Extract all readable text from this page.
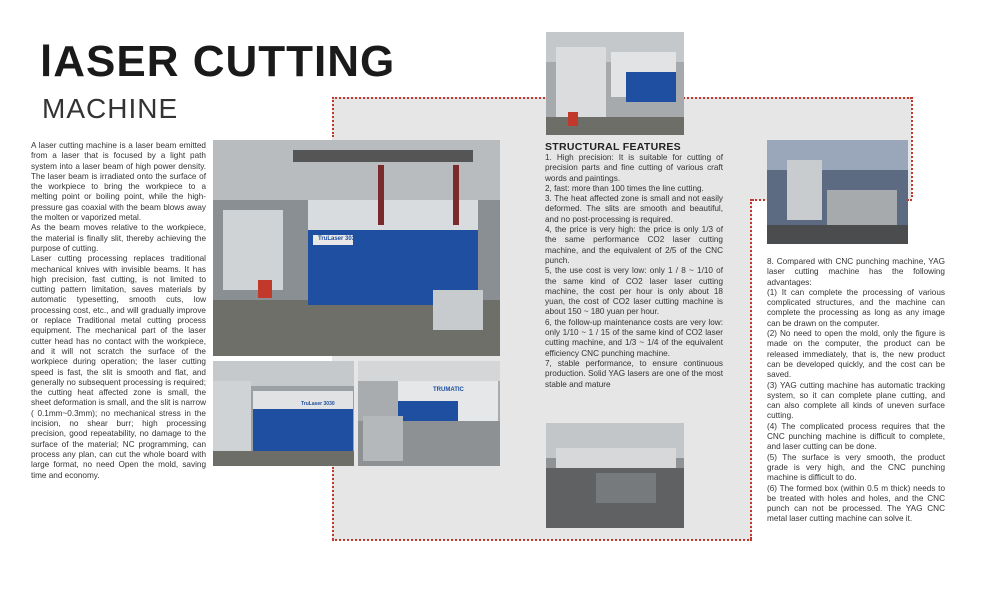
lASER CUTTING
MACHINE

A laser cutting machine is a laser beam emitted from a laser that is focused by a light path system into a laser beam of high power density. The laser beam is irradiated onto the surface of the workpiece to bring the workpiece to a melting point or boiling point, while the high-pressure gas coaxial with the beam blows away the molten or vaporized metal.

As the beam moves relative to the workpiece, the material is finally slit, thereby achieving the purpose of cutting.

Laser cutting processing replaces traditional mechanical knives with invisible beams. It has high precision, fast cutting, is not limited to cutting pattern limitation, saves materials by automatic typesetting, smooth cuts, low processing cost, etc., and will gradually improve or replace Traditional metal cutting process equipment. The mechanical part of the laser cutter head has no contact with the workpiece, and it will not scratch the surface of the workpiece during operation; the laser cutting speed is fast, the slit is smooth and flat, and generally no subsequent processing is required; the cutting heat affected zone is small, the sheet deformation is small, and the slit is narrow ( 0.1mm~0.3mm); no mechanical stress in the incision, no shear burr; high processing precision, good repeatability, no damage to the surface of the material; NC programming, can process any plan, can cut the whole board with large format, no need Open the mold, saving time and economy.

TruLaser 3030
TruLaser 3030
TRUMATIC

STRUCTURAL FEATURES

1. High precision: It is suitable for cutting of precision parts and fine cutting of various craft words and paintings.

2, fast: more than 100 times the line cutting.

3. The heat affected zone is small and not easily deformed. The slits are smooth and beautiful, and no post-processing is required.

4, the price is very high: the price is only 1/3 of the same performance CO2 laser cutting machine, and the equivalent of 2/5 of the CNC punch.

5, the use cost is very low: only 1 / 8 ~ 1/10 of the same kind of CO2 laser laser cutting machine, the cost per hour is only about 18 yuan, the cost of CO2 laser cutting machine is about 150 ~ 180 yuan per hour.

6, the follow-up maintenance costs are very low: only 1/10 ~ 1 / 15 of the same kind of CO2 laser cutting machine, and 1/3 ~ 1/4 of the equivalent efficiency CNC punching machine.

7, stable performance, to ensure continuous production. Solid YAG lasers are one of the most stable and mature

8. Compared with CNC punching machine, YAG laser cutting machine has the following advantages:

(1) It can complete the processing of various complicated structures, and the machine can complete the processing as long as any image can be drawn on the computer.

(2) No need to open the mold, only the figure is made on the computer, the product can be released immediately, that is, the new product can be developed quickly, and the cost can be saved.

(3) YAG cutting machine has automatic tracking system, so it can complete plane cutting, and can also complete all kinds of uneven surface cutting.

(4) The complicated process requires that the CNC punching machine is difficult to complete, and laser cutting can be done.

(5) The surface is very smooth, the product grade is very high, and the CNC punching machine is difficult to do.

(6) The formed box (within 0.5 m thick) needs to be treated with holes and holes, and the CNC punch can not be processed. The YAG CNC metal laser cutting machine can solve it.
